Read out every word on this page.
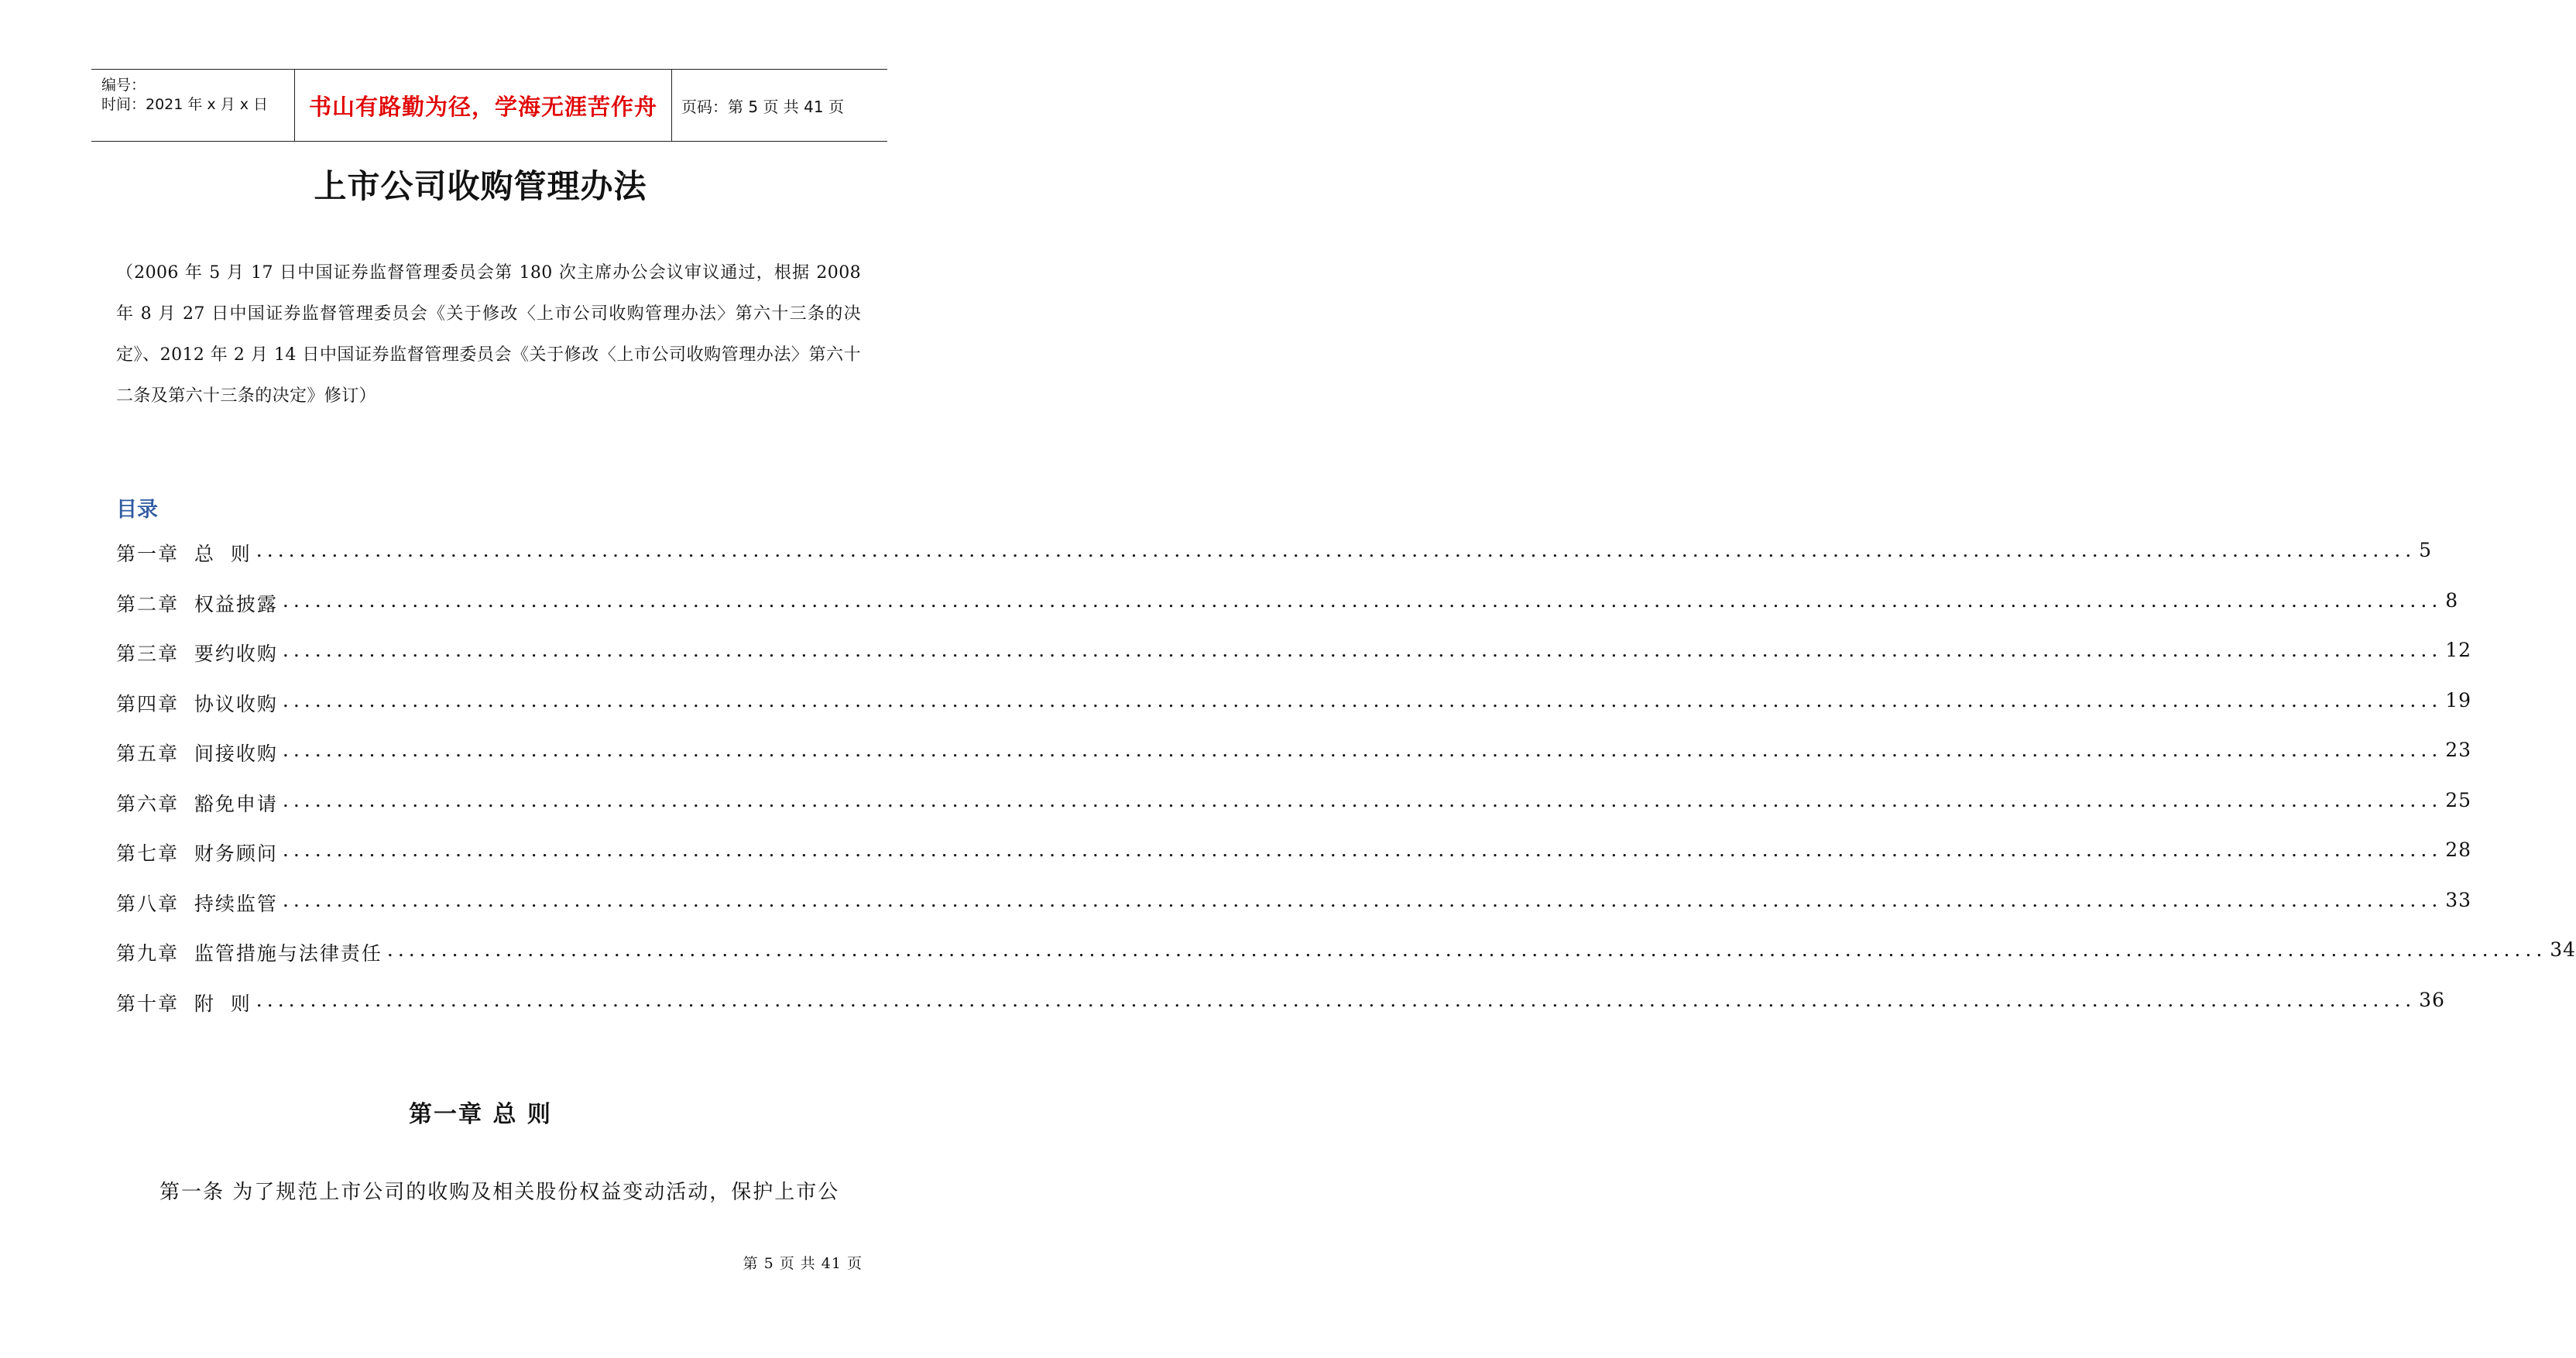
编号：
时间：2021 年 x 月 x 日 书山有路勤为径，学海无涯苦作舟 页码：第 5 页 共 41 页
上市公司收购管理办法
（2006 年 5 月 17 日中国证券监督管理委员会第 180 次主席办公会议审议通过，根据 2008 年 8 月 27 日中国证券监督管理委员会《关于修改〈上市公司收购管理办法〉第六十三条的决定》、2012 年 2 月 14 日中国证券监督管理委员会《关于修改〈上市公司收购管理办法〉第六十二条及第六十三条的决定》修订）
目录
第一章  总  则 ........................................................................................................................................................................................................ 5
第二章  权益披露 ........................................................................................................................................................................................................ 8
第三章  要约收购 ........................................................................................................................................................................................................ 12
第四章  协议收购 ........................................................................................................................................................................................................ 19
第五章  间接收购 ........................................................................................................................................................................................................ 23
第六章  豁免申请 ........................................................................................................................................................................................................ 25
第七章  财务顾问 ........................................................................................................................................................................................................ 28
第八章  持续监管 ........................................................................................................................................................................................................ 33
第九章  监管措施与法律责任 ........................................................................................................................................................................................................ 34
第十章  附  则 ........................................................................................................................................................................................................ 36
第一章 总 则
第一条 为了规范上市公司的收购及相关股份权益变动活动，保护上市公
第 5 页 共 41 页
